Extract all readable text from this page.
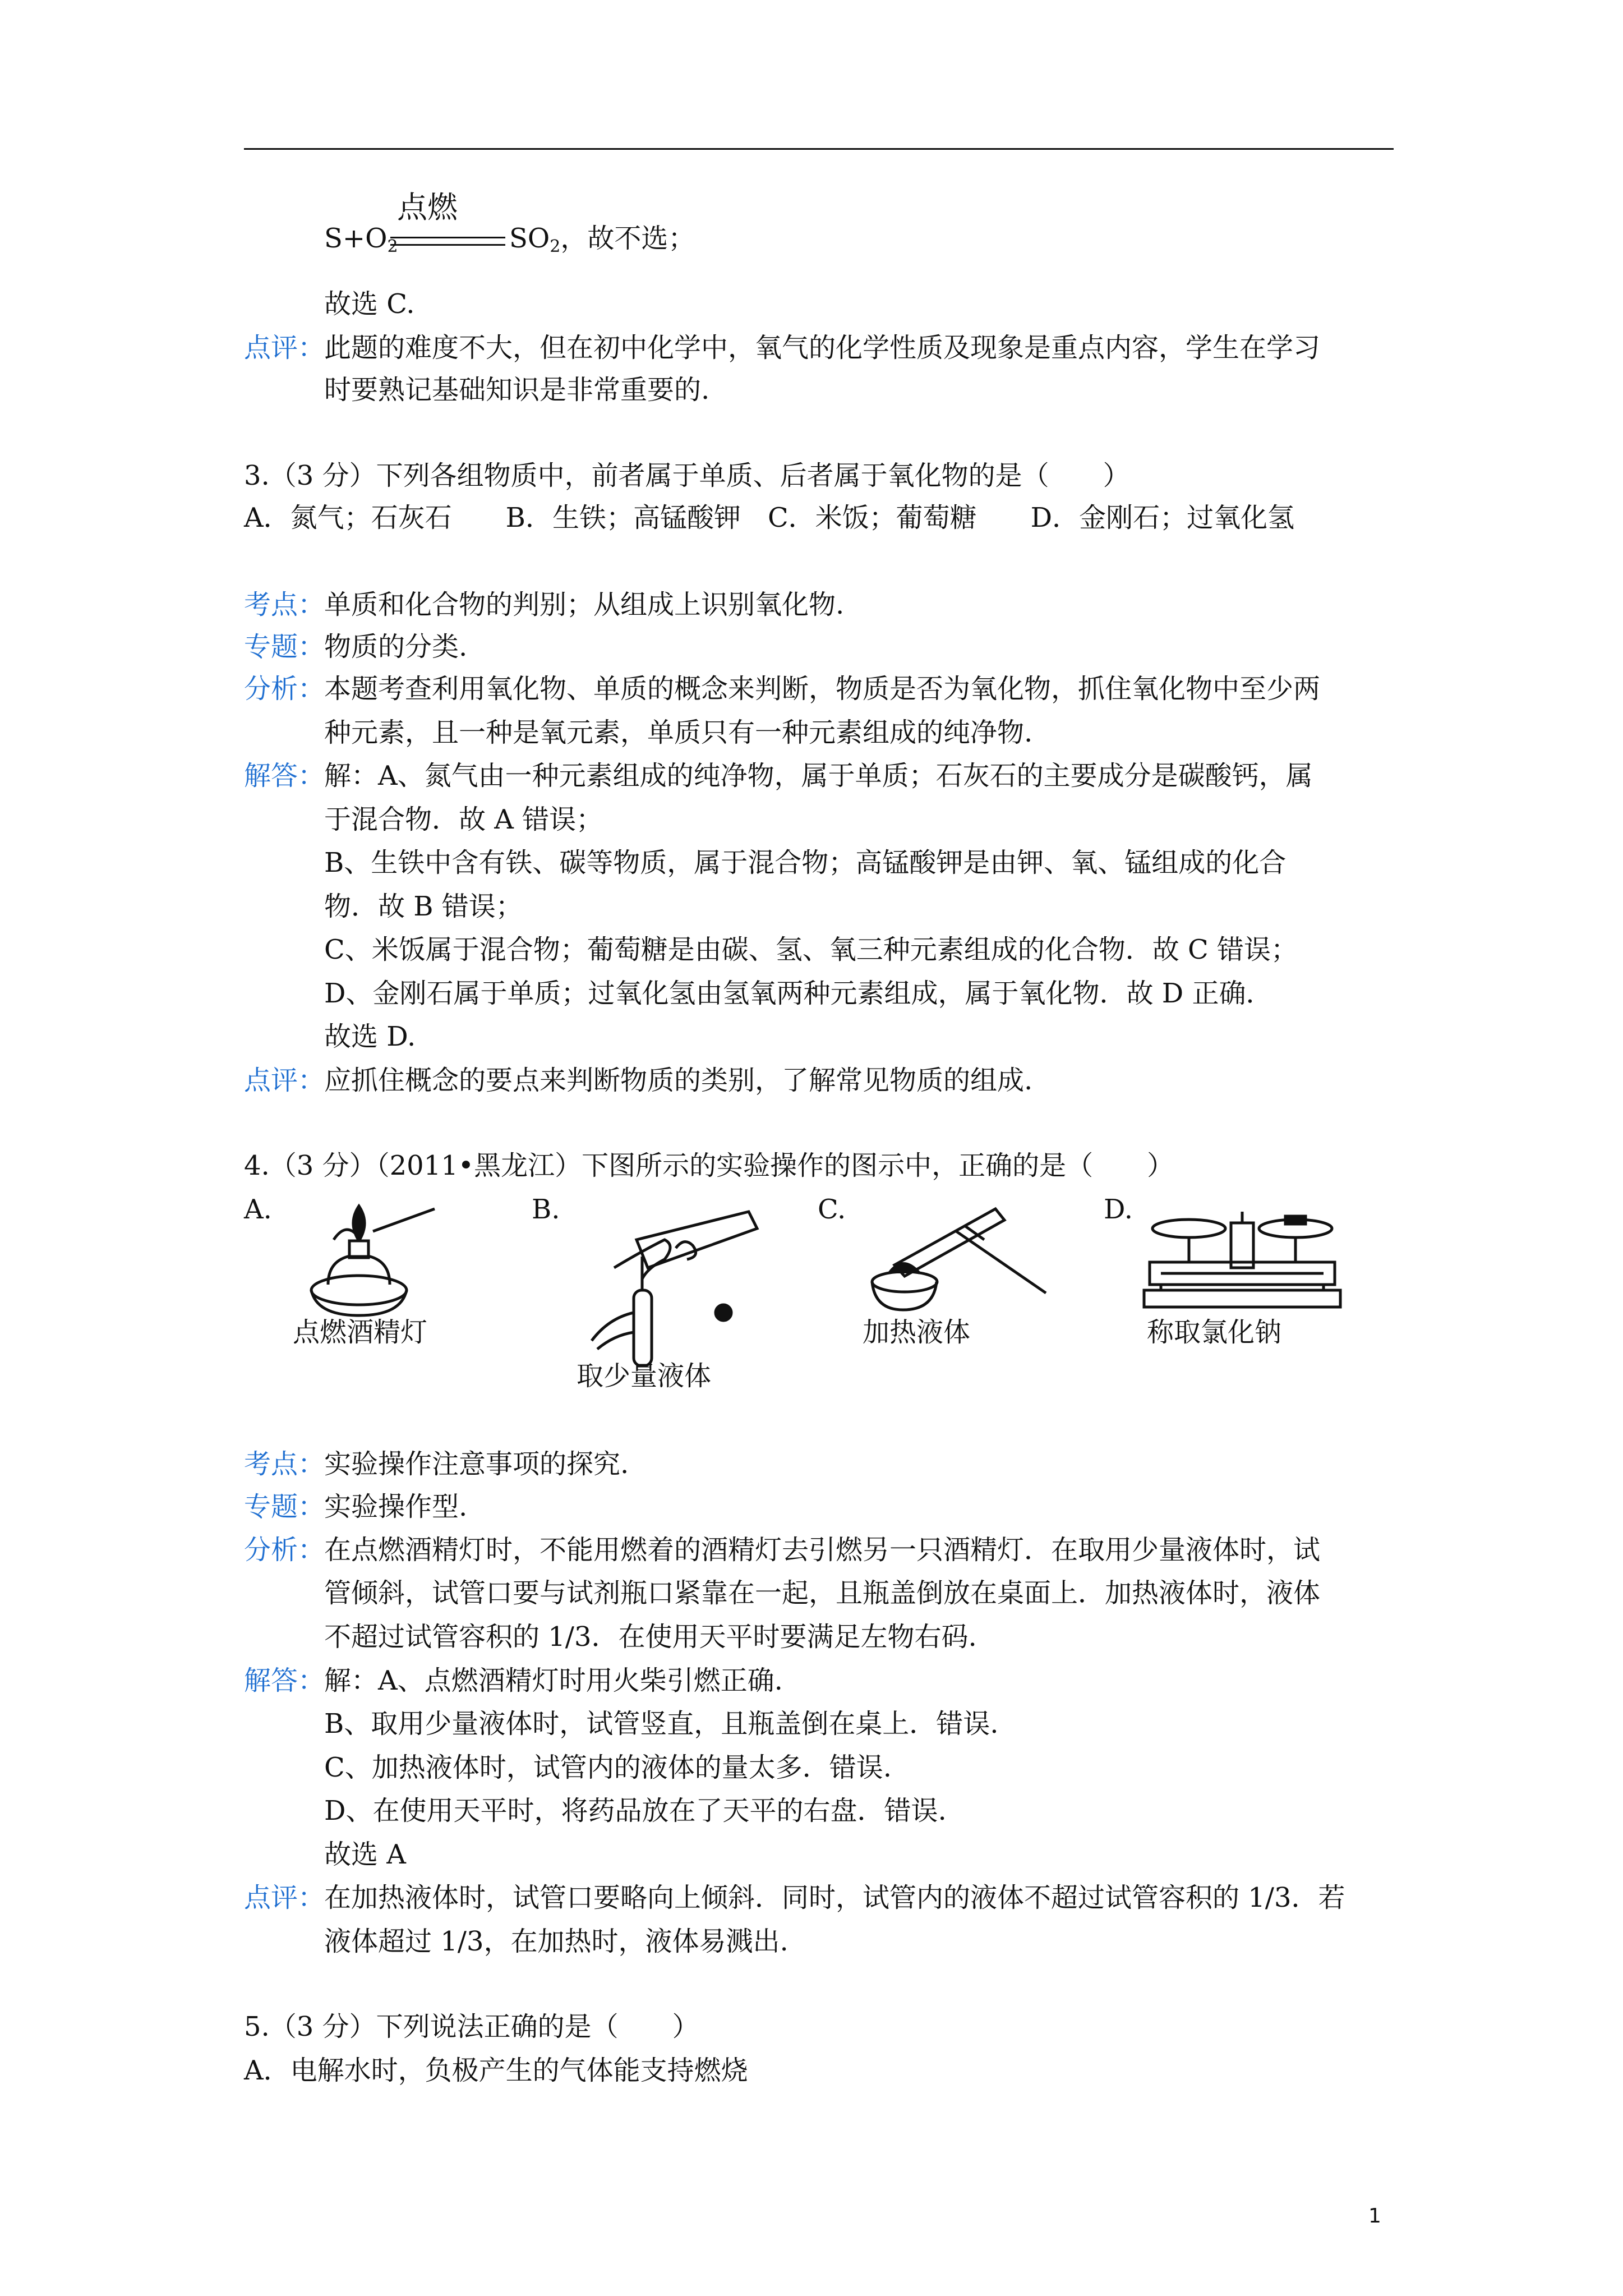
$S+O_2$
点燃
$SO_2$，故不选；
故选 C.
点评：
此题的难度不大，但在初中化学中，氧气的化学性质及现象是重点内容，学生在学习
时要熟记基础知识是非常重要的.
3.（3 分）下列各组物质中，前者属于单质、后者属于氧化物的是（　　）
A．氮气；石灰石　　B．生铁；高锰酸钾　C．米饭；葡萄糖　　D．金刚石；过氧化氢
考点：
单质和化合物的判别；从组成上识别氧化物.
专题：
物质的分类.
分析：
本题考查利用氧化物、单质的概念来判断，物质是否为氧化物，抓住氧化物中至少两
种元素，且一种是氧元素，单质只有一种元素组成的纯净物.
解答：
解：A、氮气由一种元素组成的纯净物，属于单质；石灰石的主要成分是碳酸钙，属
于混合物．故 A 错误；
B、生铁中含有铁、碳等物质，属于混合物；高锰酸钾是由钾、氧、锰组成的化合
物．故 B 错误；
C、米饭属于混合物；葡萄糖是由碳、氢、氧三种元素组成的化合物．故 C 错误；
D、金刚石属于单质；过氧化氢由氢氧两种元素组成，属于氧化物．故 D 正确．
故选 D.
点评：
应抓住概念的要点来判断物质的类别，了解常见物质的组成.
4.（3 分）（2011•黑龙江）下图所示的实验操作的图示中，正确的是（　　）
A.	B.	C.	D.
点燃酒精灯
取少量液体
加热液体	称取氯化钠
考点：
实验操作注意事项的探究.
专题：
实验操作型.
分析：
在点燃酒精灯时，不能用燃着的酒精灯去引燃另一只酒精灯．在取用少量液体时，试
管倾斜，试管口要与试剂瓶口紧靠在一起，且瓶盖倒放在桌面上．加热液体时，液体
不超过试管容积的 1/3．在使用天平时要满足左物右码.
解答：
解：A、点燃酒精灯时用火柴引燃正确.
B、取用少量液体时，试管竖直，且瓶盖倒在桌上．错误.
C、加热液体时，试管内的液体的量太多．错误.
D、在使用天平时，将药品放在了天平的右盘．错误.
故选 A
点评：
在加热液体时，试管口要略向上倾斜．同时，试管内的液体不超过试管容积的 1/3．若
液体超过 1/3，在加热时，液体易溅出.
5.（3 分）下列说法正确的是（　　）
A．电解水时，负极产生的气体能支持燃烧
1
